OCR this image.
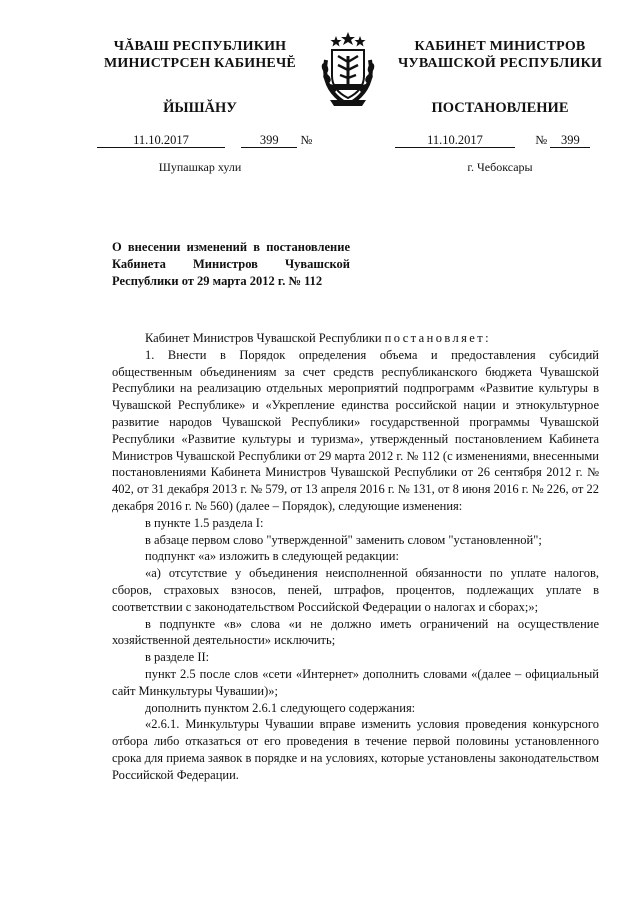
ЧĂВАШ РЕСПУБЛИКИН
МИНИСТРСЕН КАБИНЕЧĔ
ЙЫШĂНУ
КАБИНЕТ МИНИСТРОВ
ЧУВАШСКОЙ РЕСПУБЛИКИ
ПОСТАНОВЛЕНИЕ
11.10.2017	399 №	11.10.2017	№ 399
Шупашкар хули	г. Чебоксары
О внесении изменений в постановление Кабинета Министров Чувашской Республики от 29 марта 2012 г. № 112

Кабинет Министров Чувашской Республики постановляет:

1. Внести в Порядок определения объема и предоставления субсидий общественным объединениям за счет средств республиканского бюджета Чувашской Республики на реализацию отдельных мероприятий подпрограмм «Развитие культуры в Чувашской Республике» и «Укрепление единства российской нации и этнокультурное развитие народов Чувашской Республики» государственной программы Чувашской Республики «Развитие культуры и туризма», утвержденный постановлением Кабинета Министров Чувашской Республики от 29 марта 2012 г. № 112 (с изменениями, внесенными постановлениями Кабинета Министров Чувашской Республики от 26 сентября 2012 г. № 402, от 31 декабря 2013 г. № 579, от 13 апреля 2016 г. № 131, от 8 июня 2016 г. № 226, от 22 декабря 2016 г. № 560) (далее – Порядок), следующие изменения:

в пункте 1.5 раздела I:

в абзаце первом слово "утвержденной" заменить словом "установленной";

подпункт «а» изложить в следующей редакции:

«а) отсутствие у объединения неисполненной обязанности по уплате налогов, сборов, страховых взносов, пеней, штрафов, процентов, подлежащих уплате в соответствии с законодательством Российской Федерации о налогах и сборах;»;

в подпункте «в» слова «и не должно иметь ограничений на осуществление хозяйственной деятельности» исключить;

в разделе II:

пункт 2.5 после слов «сети «Интернет» дополнить словами «(далее – официальный сайт Минкультуры Чувашии)»;

дополнить пунктом 2.6.1 следующего содержания:

«2.6.1. Минкультуры Чувашии вправе изменить условия проведения конкурсного отбора либо отказаться от его проведения в течение первой половины установленного срока для приема заявок в порядке и на условиях, которые установлены законодательством Российской Федерации.
